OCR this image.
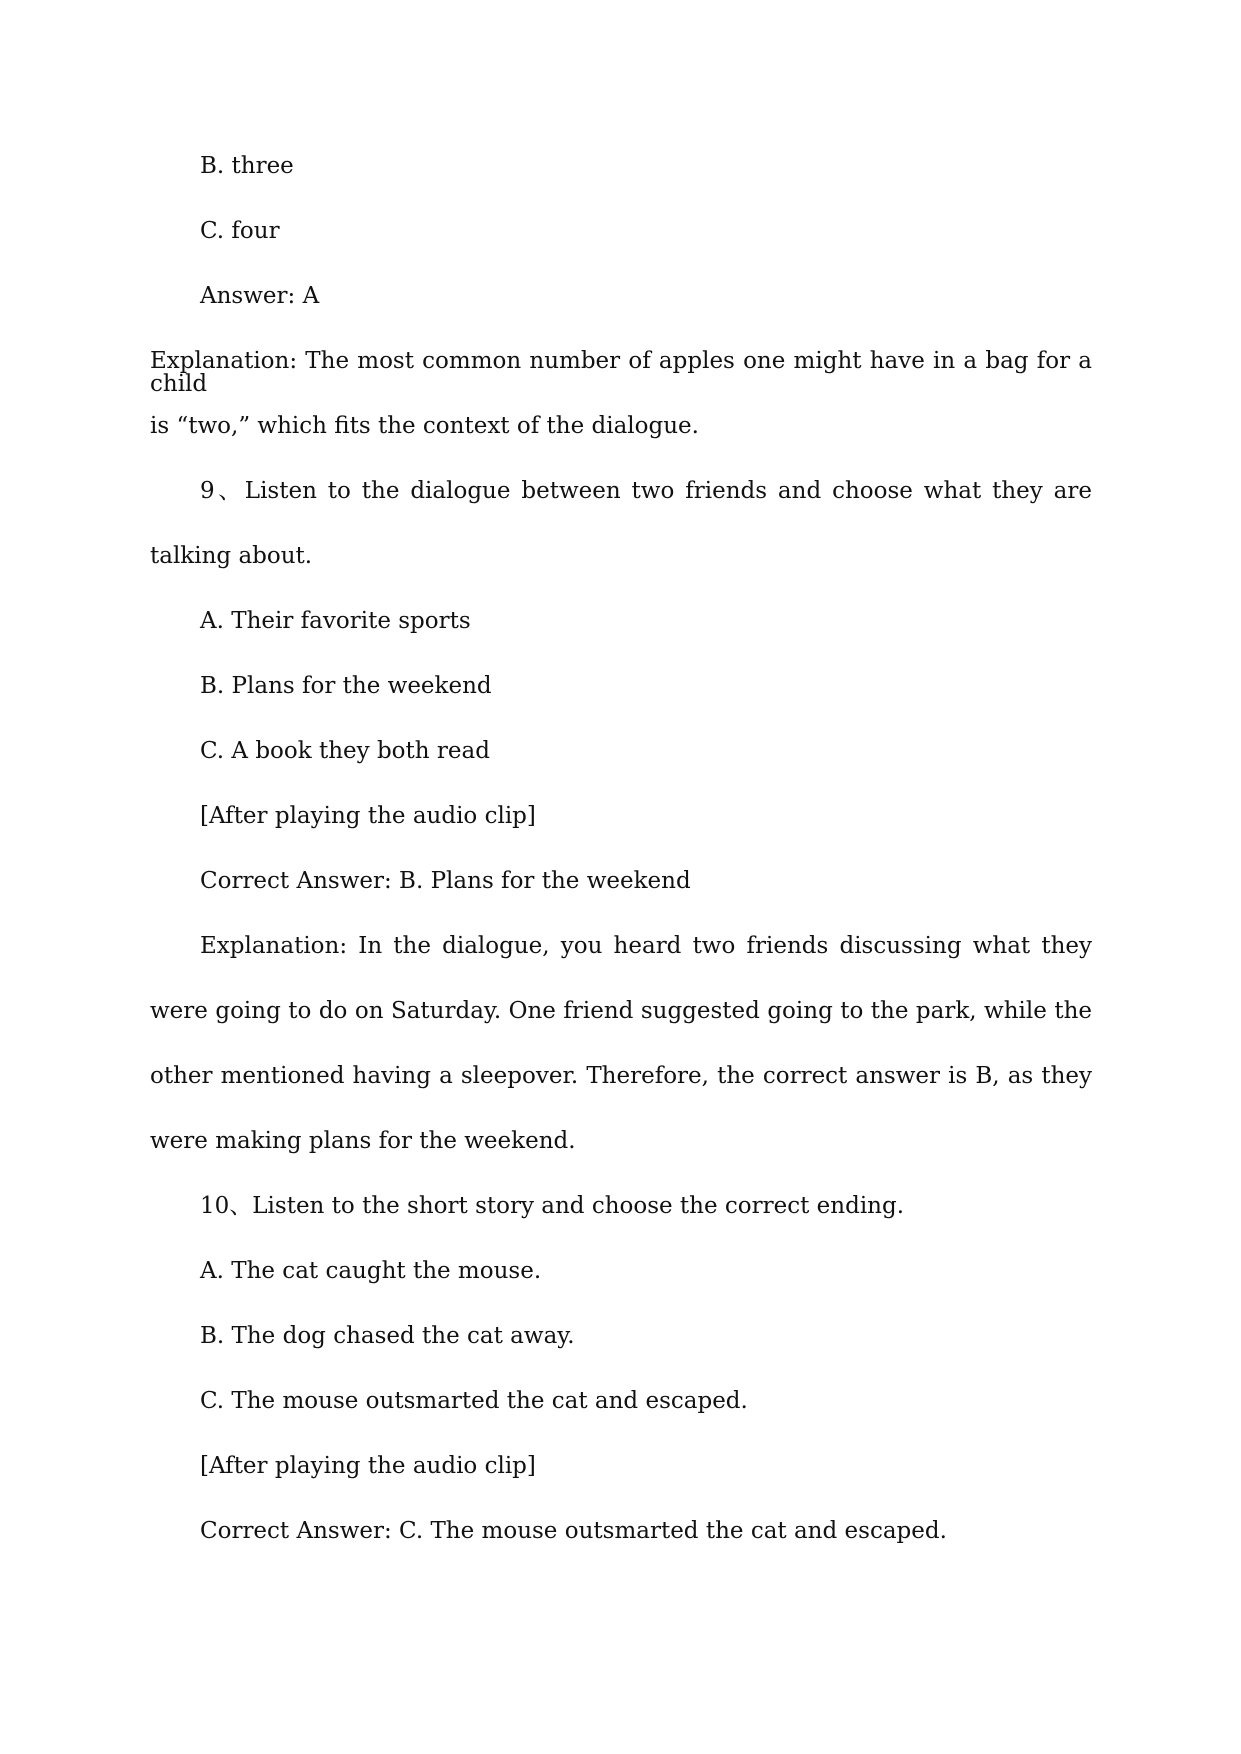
B. three
C. four
Answer: A
Explanation: The most common number of apples one might have in a bag for a child
is “two,” which fits the context of the dialogue.
9、Listen to the dialogue between two friends and choose what they are
talking about.
A. Their favorite sports
B. Plans for the weekend
C. A book they both read
[After playing the audio clip]
Correct Answer: B. Plans for the weekend
Explanation: In the dialogue, you heard two friends discussing what they
were going to do on Saturday. One friend suggested going to the park, while the
other mentioned having a sleepover. Therefore, the correct answer is B, as they
were making plans for the weekend.
10、Listen to the short story and choose the correct ending.
A. The cat caught the mouse.
B. The dog chased the cat away.
C. The mouse outsmarted the cat and escaped.
[After playing the audio clip]
Correct Answer: C. The mouse outsmarted the cat and escaped.
